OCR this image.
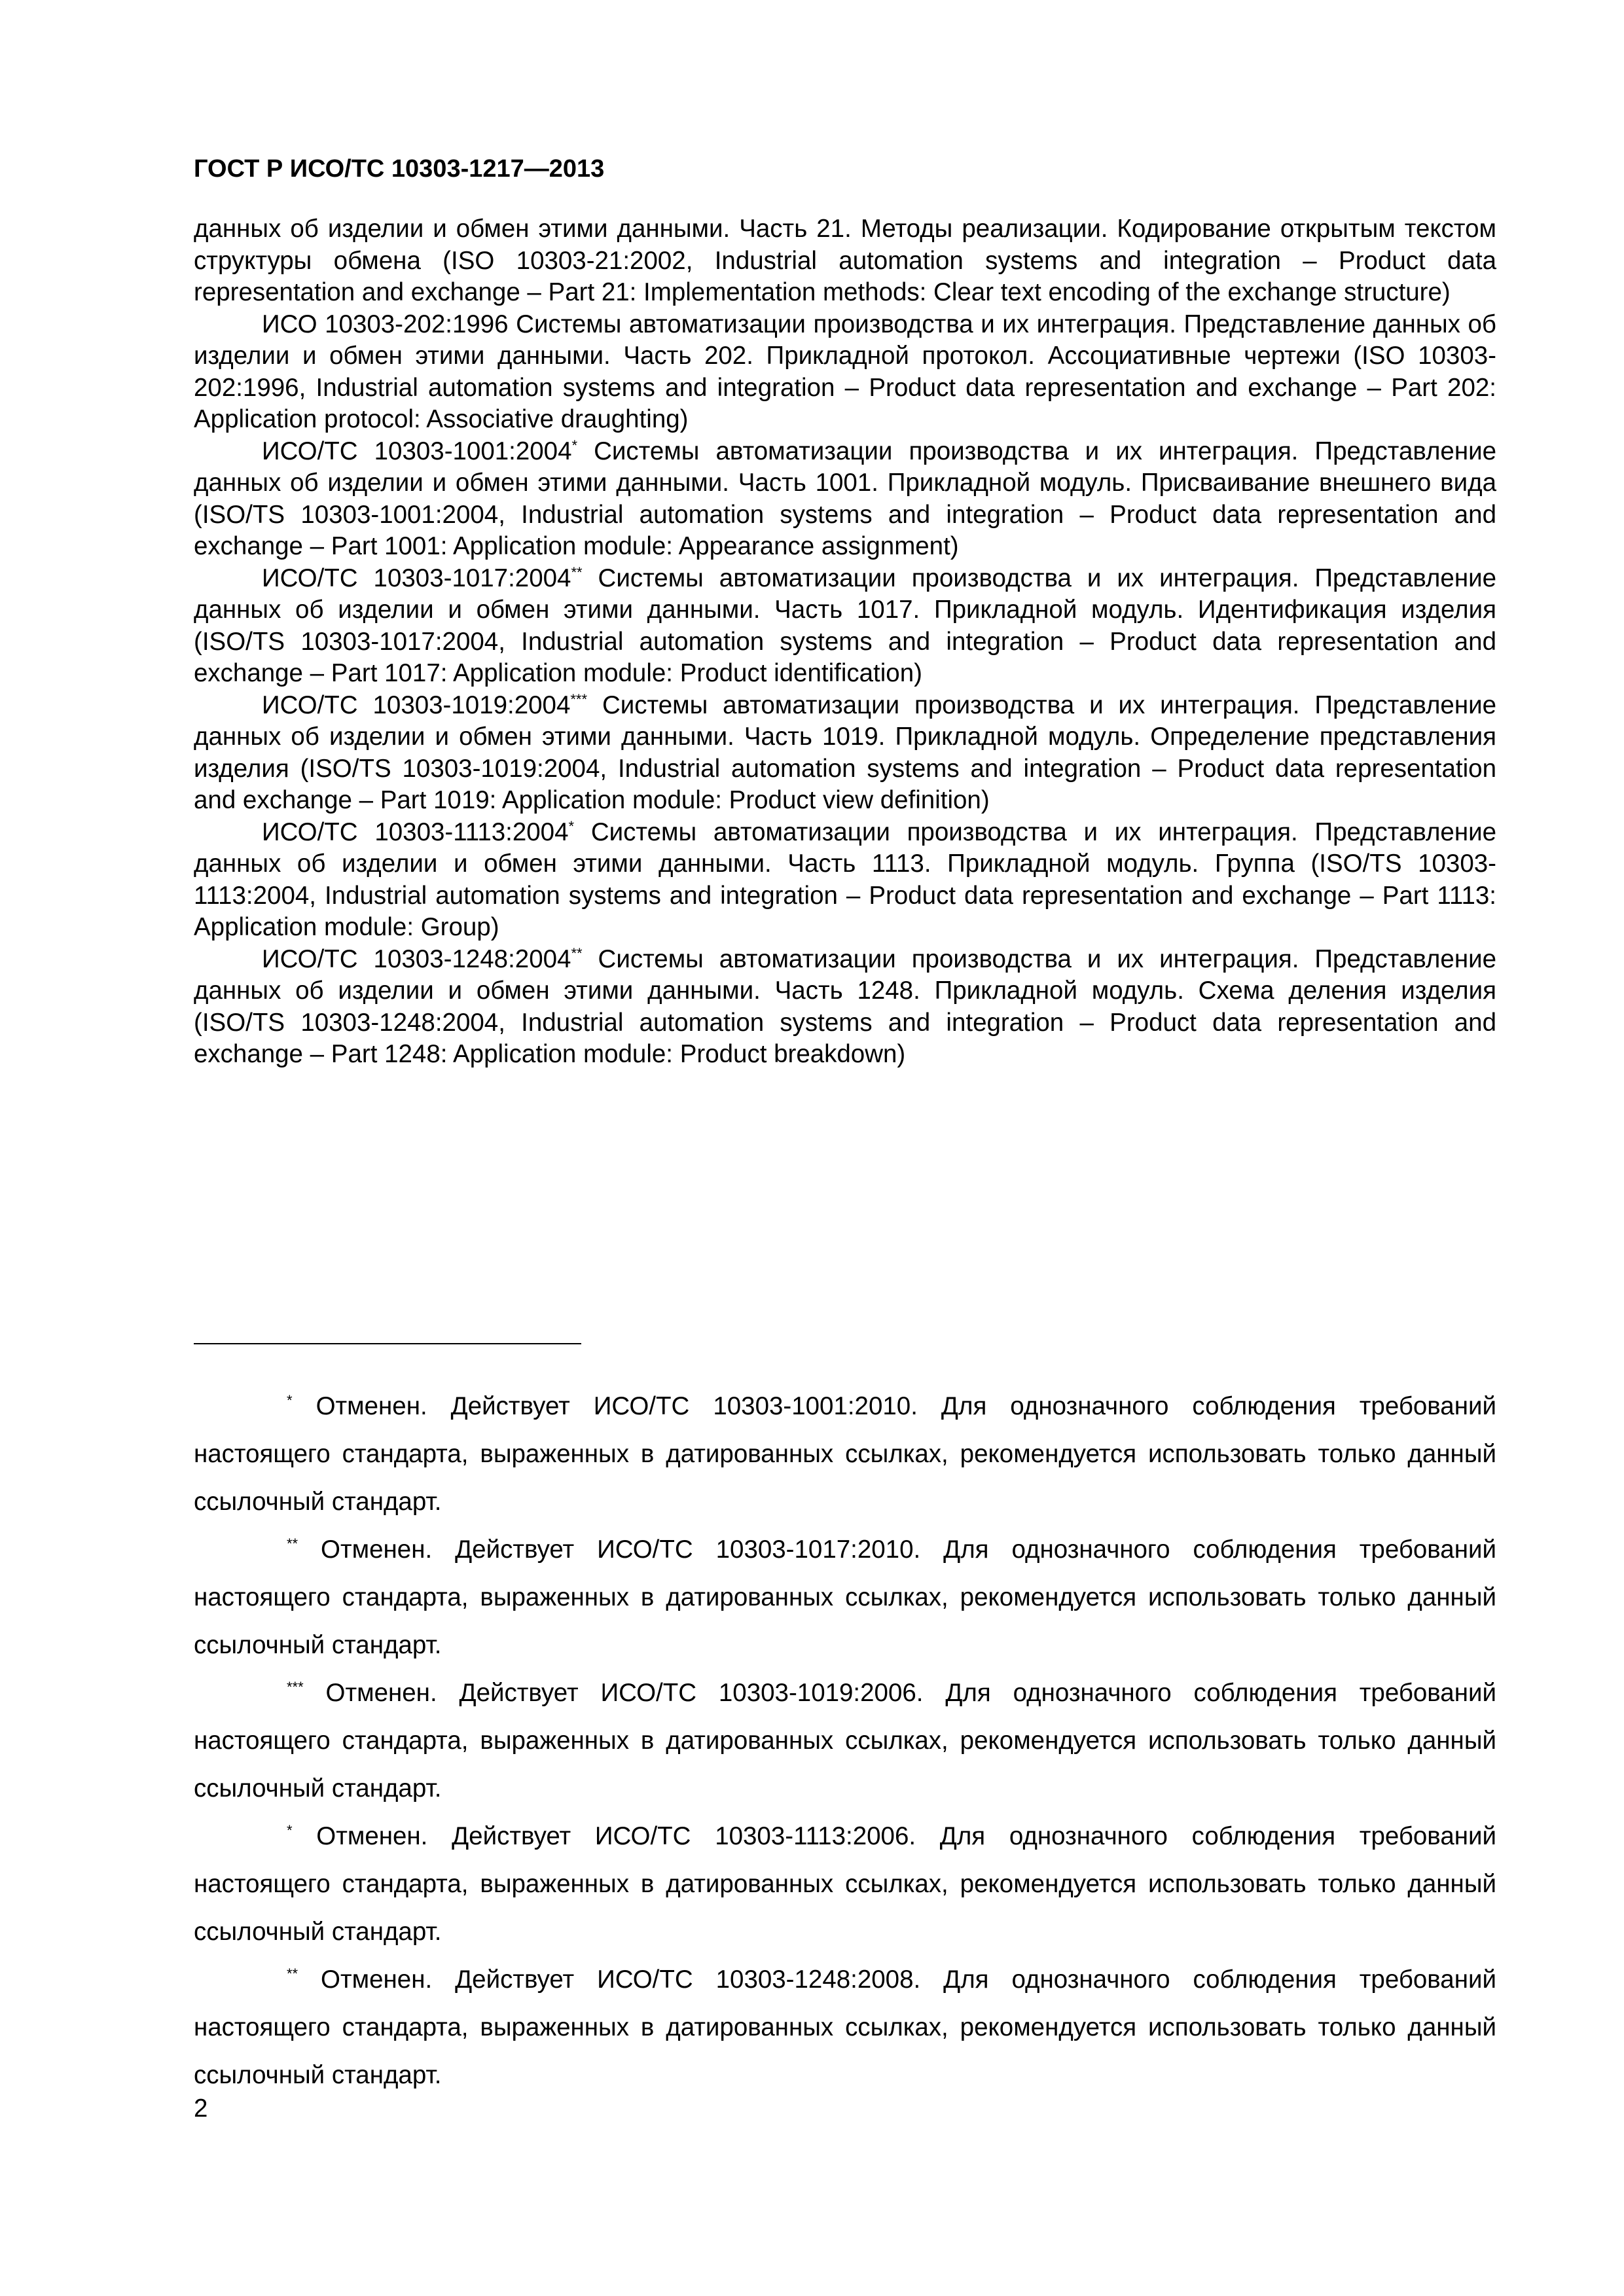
ГОСТ Р ИСО/ТС 10303-1217—2013

данных об изделии и обмен этими данными. Часть 21. Методы реализации. Кодирование открытым текстом структуры обмена (ISO 10303-21:2002, Industrial automation systems and integration – Product data representation and exchange – Part 21: Implementation methods: Clear text encoding of the exchange structure)

ИСО 10303-202:1996 Системы автоматизации производства и их интеграция. Представление данных об изделии и обмен этими данными. Часть 202. Прикладной протокол. Ассоциативные чертежи (ISO 10303-202:1996, Industrial automation systems and integration – Product data representation and exchange – Part 202: Application protocol: Associative draughting)

ИСО/ТС 10303-1001:2004* Системы автоматизации производства и их интеграция. Представление данных об изделии и обмен этими данными. Часть 1001. Прикладной модуль. Присваивание внешнего вида (ISO/TS 10303-1001:2004, Industrial automation systems and integration – Product data representation and exchange – Part 1001: Application module: Appearance assignment)

ИСО/ТС 10303-1017:2004** Системы автоматизации производства и их интеграция. Представление данных об изделии и обмен этими данными. Часть 1017. Прикладной модуль. Идентификация изделия (ISO/TS 10303-1017:2004, Industrial automation systems and integration – Product data representation and exchange – Part 1017: Application module: Product identification)

ИСО/ТС 10303-1019:2004*** Системы автоматизации производства и их интеграция. Представление данных об изделии и обмен этими данными. Часть 1019. Прикладной модуль. Определение представления изделия (ISO/TS 10303-1019:2004, Industrial automation systems and integration – Product data representation and exchange – Part 1019: Application module: Product view definition)

ИСО/ТС 10303-1113:2004* Системы автоматизации производства и их интеграция. Представление данных об изделии и обмен этими данными. Часть 1113. Прикладной модуль. Группа (ISO/TS 10303-1113:2004, Industrial automation systems and integration – Product data representation and exchange – Part 1113: Application module: Group)

ИСО/ТС 10303-1248:2004** Системы автоматизации производства и их интеграция. Представление данных об изделии и обмен этими данными. Часть 1248. Прикладной модуль. Схема деления изделия (ISO/TS 10303-1248:2004, Industrial automation systems and integration – Product data representation and exchange – Part 1248: Application module: Product breakdown)

* Отменен. Действует ИСО/ТС 10303-1001:2010. Для однозначного соблюдения требований настоящего стандарта, выраженных в датированных ссылках, рекомендуется использовать только данный ссылочный стандарт.

** Отменен. Действует ИСО/ТС 10303-1017:2010. Для однозначного соблюдения требований настоящего стандарта, выраженных в датированных ссылках, рекомендуется использовать только данный ссылочный стандарт.

*** Отменен. Действует ИСО/ТС 10303-1019:2006. Для однозначного соблюдения требований настоящего стандарта, выраженных в датированных ссылках, рекомендуется использовать только данный ссылочный стандарт.

* Отменен. Действует ИСО/ТС 10303-1113:2006. Для однозначного соблюдения требований настоящего стандарта, выраженных в датированных ссылках, рекомендуется использовать только данный ссылочный стандарт.

** Отменен. Действует ИСО/ТС 10303-1248:2008. Для однозначного соблюдения требований настоящего стандарта, выраженных в датированных ссылках, рекомендуется использовать только данный ссылочный стандарт.

2
